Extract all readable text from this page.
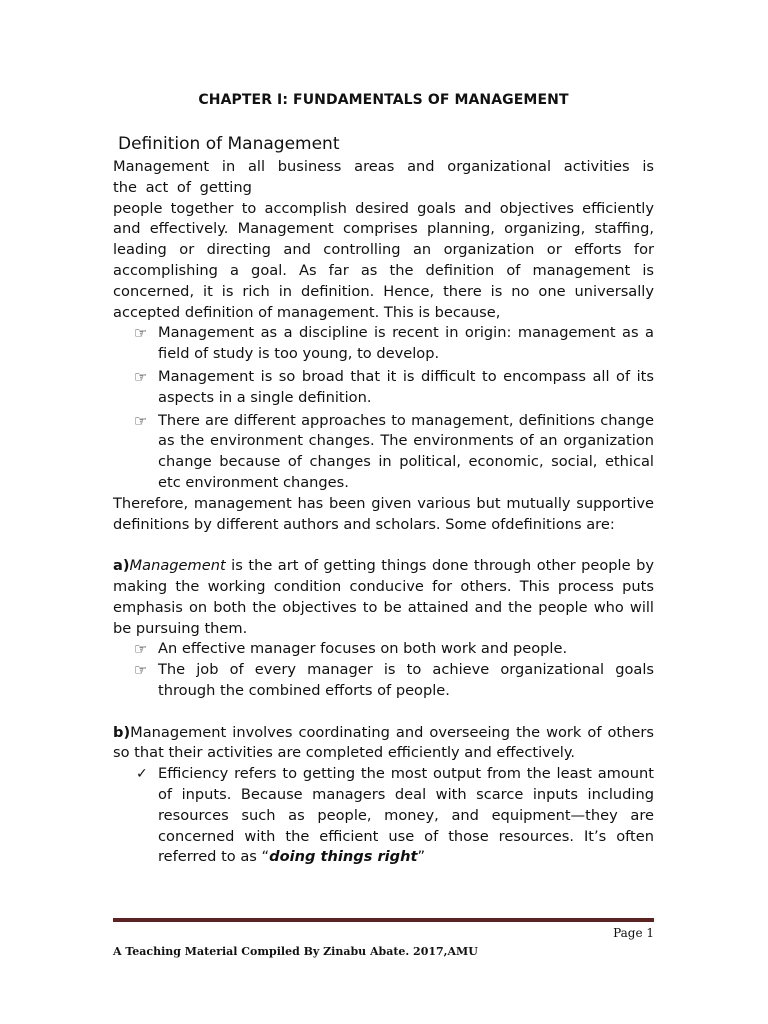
CHAPTER I: FUNDAMENTALS OF MANAGEMENT
Definition of Management

Management in all business areas and organizational activities is

the act of getting

people together to accomplish desired goals and objectives efficiently and effectively. Management comprises planning, organizing, staffing, leading or directing and controlling an organization or efforts for accomplishing a goal. As far as the definition of management is concerned, it is rich in definition. Hence, there is no one universally accepted definition of management. This is because,

☞ Management as a discipline is recent in origin: management as a field of study is too young, to develop.
☞ Management is so broad that it is difficult to encompass all of its aspects in a single definition.
☞ There are different approaches to management, definitions change as the environment changes. The environments of an organization change because of changes in political, economic, social, ethical etc environment changes.

Therefore, management has been given various but mutually supportive definitions by different authors and scholars. Some ofdefinitions are:

a)Management is the art of getting things done through other people by making the working condition conducive for others. This process puts emphasis on both the objectives to be attained and the people who will be pursuing them.

☞ An effective manager focuses on both work and people.
☞ The job of every manager is to achieve organizational goals through the combined efforts of people.

b)Management involves coordinating and overseeing the work of others so that their activities are completed efficiently and effectively.

✓ Efficiency refers to getting the most output from the least amount of inputs. Because managers deal with scarce inputs including resources such as people, money, and equipment—they are concerned with the efficient use of those resources. It’s often referred to as “doing things right”
Page 1
A Teaching Material Compiled By Zinabu Abate. 2017,AMU
